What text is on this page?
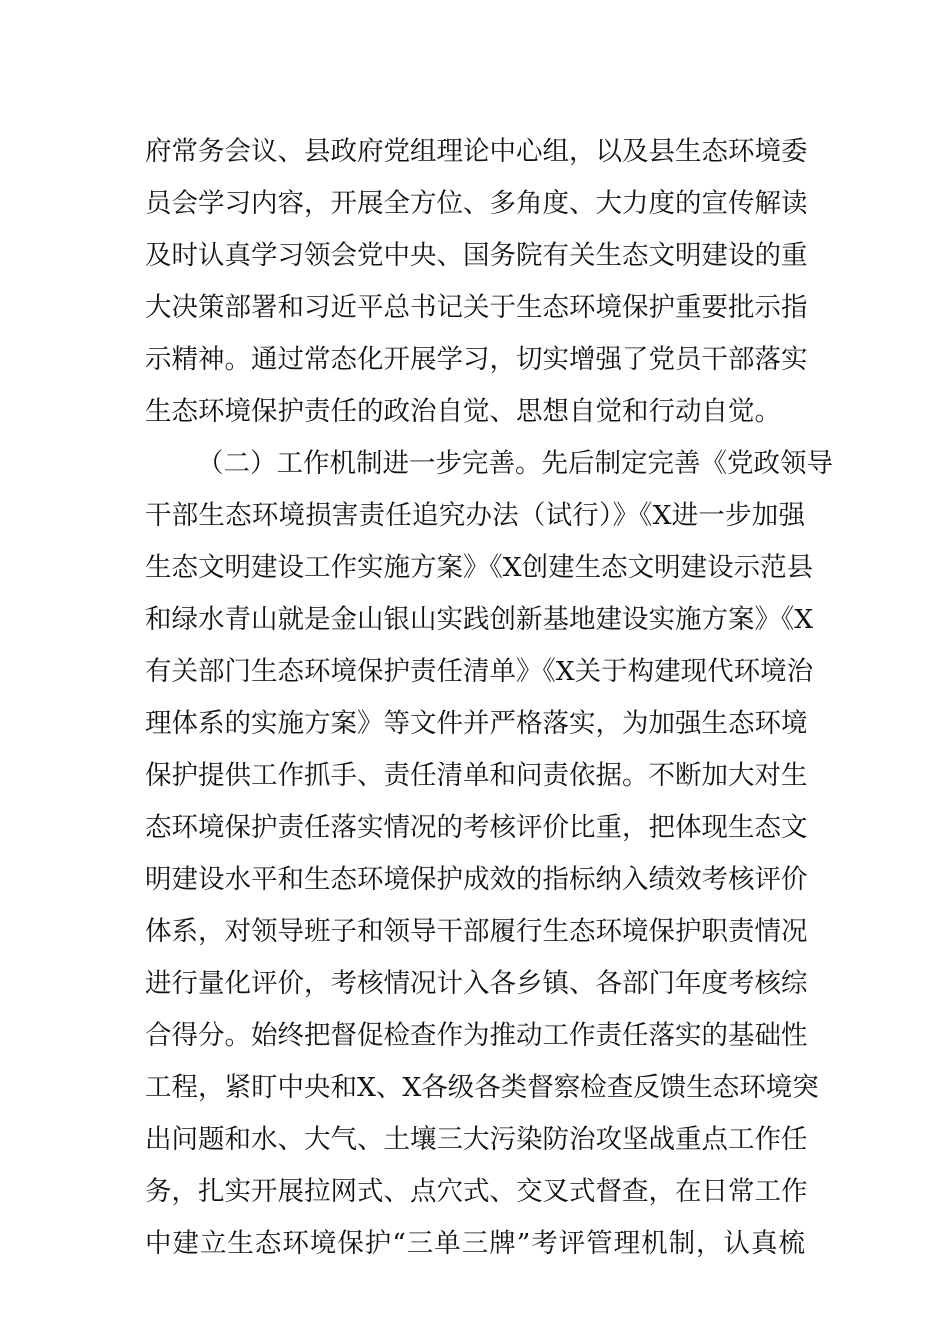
府常务会议、县政府党组理论中心组，以及县生态环境委
员会学习内容，开展全方位、多角度、大力度的宣传解读
及时认真学习领会党中央、国务院有关生态文明建设的重
大决策部署和习近平总书记关于生态环境保护重要批示指
示精神。通过常态化开展学习，切实增强了党员干部落实
生态环境保护责任的政治自觉、思想自觉和行动自觉。
（二）工作机制进一步完善。先后制定完善《党政领导
干部生态环境损害责任追究办法（试行）》《X进一步加强
生态文明建设工作实施方案》《X创建生态文明建设示范县
和绿水青山就是金山银山实践创新基地建设实施方案》《X
有关部门生态环境保护责任清单》《X关于构建现代环境治
理体系的实施方案》等文件并严格落实，为加强生态环境
保护提供工作抓手、责任清单和问责依据。不断加大对生
态环境保护责任落实情况的考核评价比重，把体现生态文
明建设水平和生态环境保护成效的指标纳入绩效考核评价
体系，对领导班子和领导干部履行生态环境保护职责情况
进行量化评价，考核情况计入各乡镇、各部门年度考核综
合得分。始终把督促检查作为推动工作责任落实的基础性
工程，紧盯中央和X、X各级各类督察检查反馈生态环境突
出问题和水、大气、土壤三大污染防治攻坚战重点工作任
务，扎实开展拉网式、点穴式、交叉式督查，在日常工作
中建立生态环境保护“三单三牌”考评管理机制，认真梳
